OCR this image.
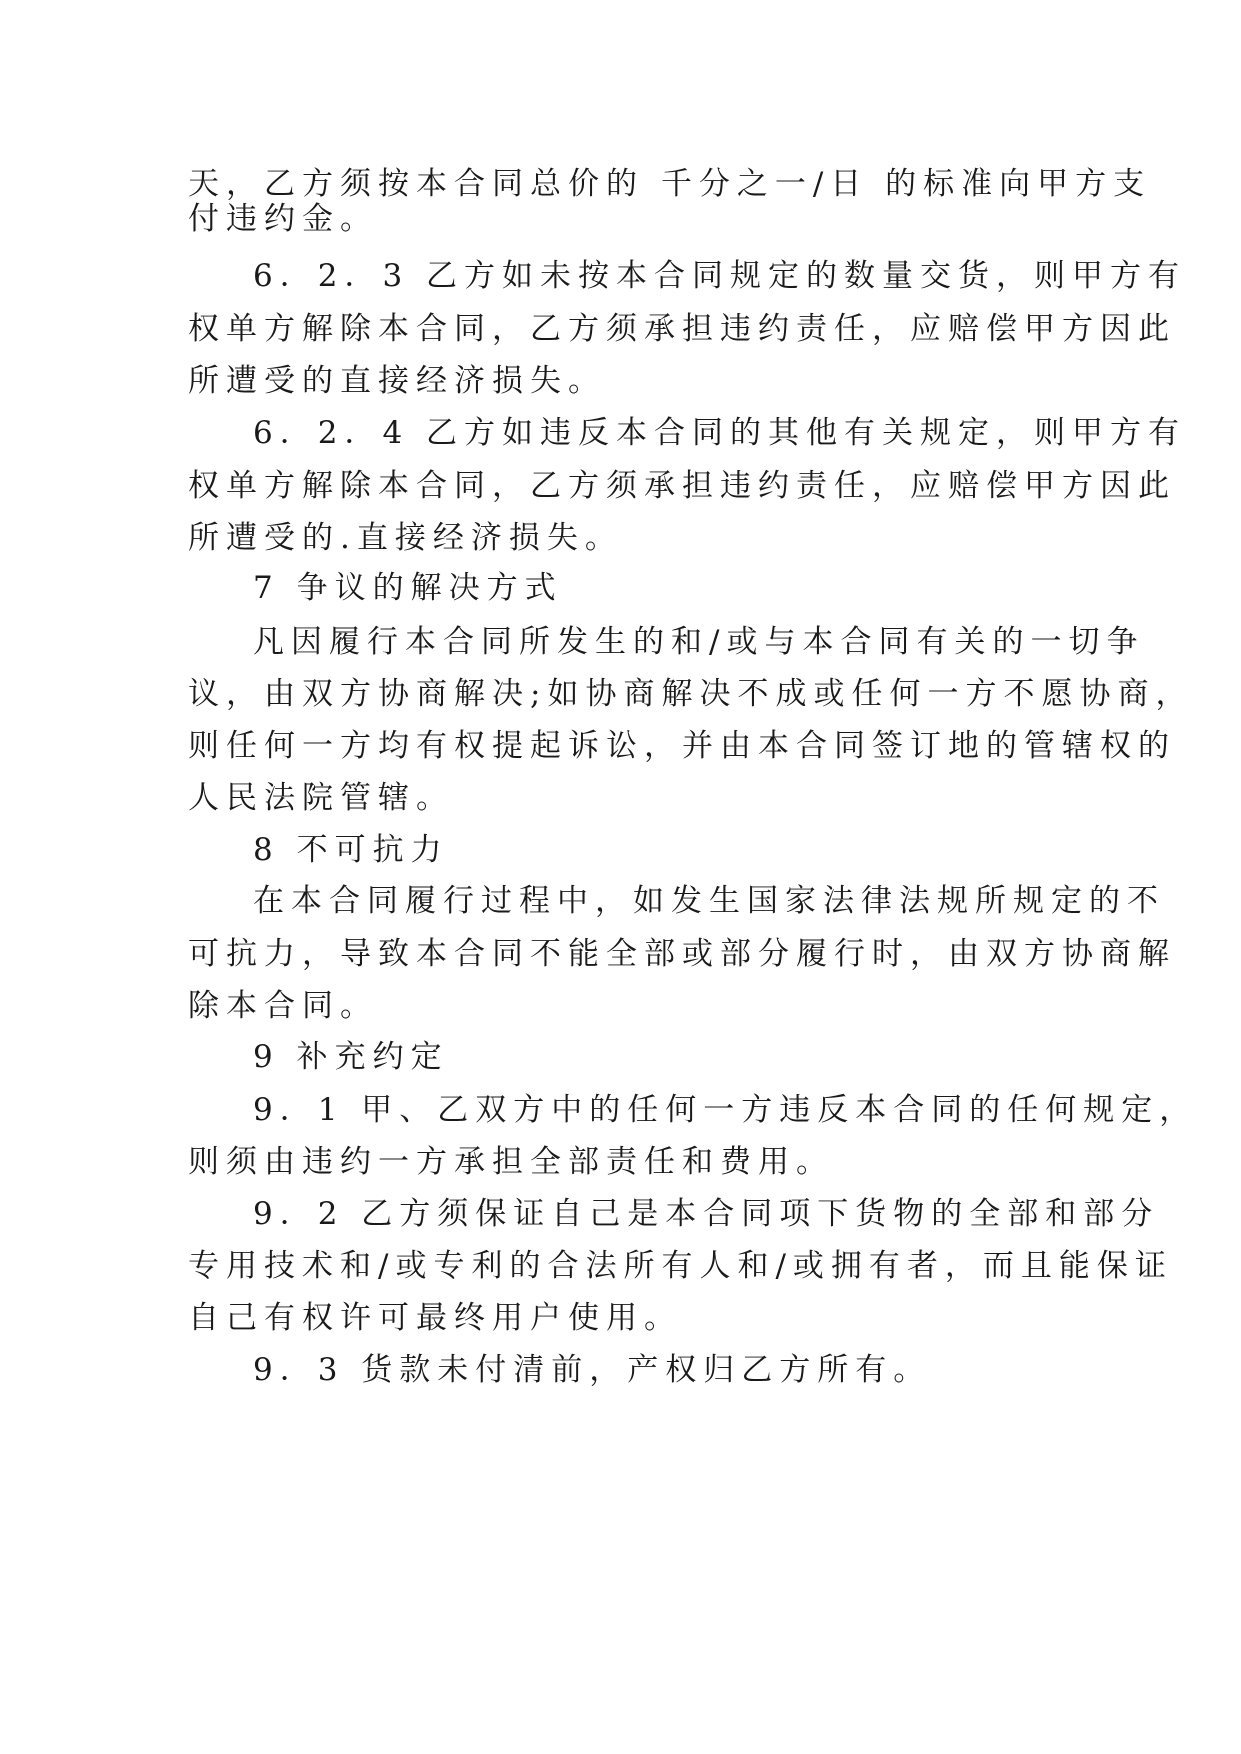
天，乙方须按本合同总价的 千分之一/日 的标准向甲方支
付违约金。
6．2．3 乙方如未按本合同规定的数量交货，则甲方有
权单方解除本合同，乙方须承担违约责任，应赔偿甲方因此
所遭受的直接经济损失。
6．2．4 乙方如违反本合同的其他有关规定，则甲方有
权单方解除本合同，乙方须承担违约责任，应赔偿甲方因此
所遭受的.直接经济损失。
7 争议的解决方式
凡因履行本合同所发生的和/或与本合同有关的一切争
议，由双方协商解决;如协商解决不成或任何一方不愿协商，
则任何一方均有权提起诉讼，并由本合同签订地的管辖权的
人民法院管辖。
8 不可抗力
在本合同履行过程中，如发生国家法律法规所规定的不
可抗力，导致本合同不能全部或部分履行时，由双方协商解
除本合同。
9 补充约定
9．1 甲、乙双方中的任何一方违反本合同的任何规定，
则须由违约一方承担全部责任和费用。
9．2 乙方须保证自己是本合同项下货物的全部和部分
专用技术和/或专利的合法所有人和/或拥有者，而且能保证
自己有权许可最终用户使用。
9．3 货款未付清前，产权归乙方所有。
